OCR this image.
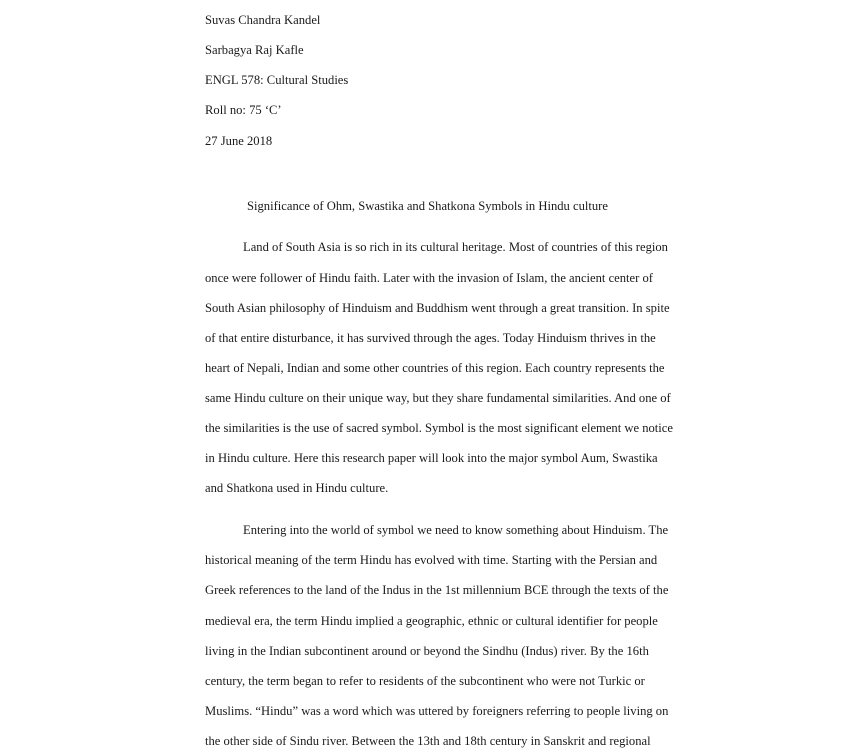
Suvas Chandra Kandel

Sarbagya Raj Kafle

ENGL 578: Cultural Studies

Roll no: 75 ‘C’

27 June 2018

Significance of Ohm, Swastika and Shatkona Symbols in Hindu culture

Land of South Asia is so rich in its cultural heritage. Most of countries of this region

once were follower of Hindu faith. Later with the invasion of Islam, the ancient center of

South Asian philosophy of Hinduism and Buddhism went through a great transition. In spite

of that entire disturbance, it has survived through the ages. Today Hinduism thrives in the

heart of Nepali, Indian and some other countries of this region. Each country represents the

same Hindu culture on their unique way, but they share fundamental similarities. And one of

the similarities is the use of sacred symbol. Symbol is the most significant element we notice

in Hindu culture. Here this research paper will look into the major symbol Aum, Swastika

and Shatkona used in Hindu culture.

Entering into the world of symbol we need to know something about Hinduism. The

historical meaning of the term Hindu has evolved with time. Starting with the Persian and

Greek references to the land of the Indus in the 1st millennium BCE through the texts of the

medieval era, the term Hindu implied a geographic, ethnic or cultural identifier for people

living in the Indian subcontinent around or beyond the Sindhu (Indus) river. By the 16th

century, the term began to refer to residents of the subcontinent who were not Turkic or

Muslims. “Hindu” was a word which was uttered by foreigners referring to people living on

the other side of Sindu river. Between the 13th and 18th century in Sanskrit and regional
